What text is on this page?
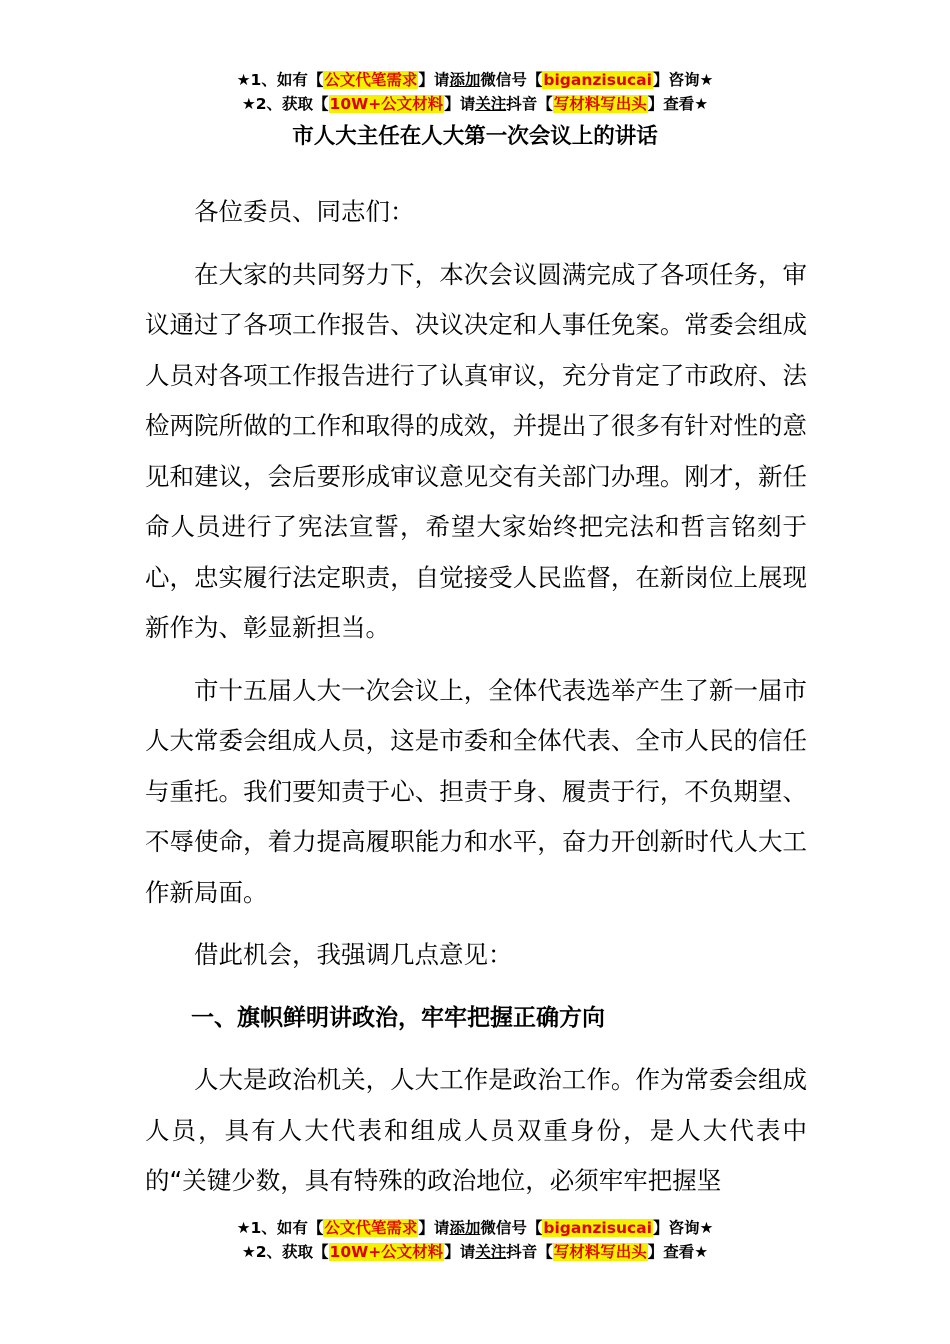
★1、如有【公文代笔需求】请添加微信号【biganzisucai】咨询★
★2、获取【10W+公文材料】请关注抖音【写材料写出头】查看★
市人大主任在人大第一次会议上的讲话

各位委员、同志们：

在大家的共同努力下，本次会议圆满完成了各项任务，审议通过了各项工作报告、决议决定和人事任免案。常委会组成人员对各项工作报告进行了认真审议，充分肯定了市政府、法检两院所做的工作和取得的成效，并提出了很多有针对性的意见和建议，会后要形成审议意见交有关部门办理。刚才，新任命人员进行了宪法宣誓，希望大家始终把完法和哲言铭刻于心，忠实履行法定职责，自觉接受人民监督，在新岗位上展现新作为、彰显新担当。

市十五届人大一次会议上，全体代表选举产生了新一届市人大常委会组成人员，这是市委和全体代表、全市人民的信任与重托。我们要知责于心、担责于身、履责于行，不负期望、不辱使命，着力提高履职能力和水平，奋力开创新时代人大工作新局面。

借此机会，我强调几点意见：

一、旗帜鲜明讲政治，牢牢把握正确方向

人大是政治机关，人大工作是政治工作。作为常委会组成人员，具有人大代表和组成人员双重身份，是人大代表中的“关键少数，具有特殊的政治地位，必须牢牢把握坚

★1、如有【公文代笔需求】请添加微信号【biganzisucai】咨询★
★2、获取【10W+公文材料】请关注抖音【写材料写出头】查看★
